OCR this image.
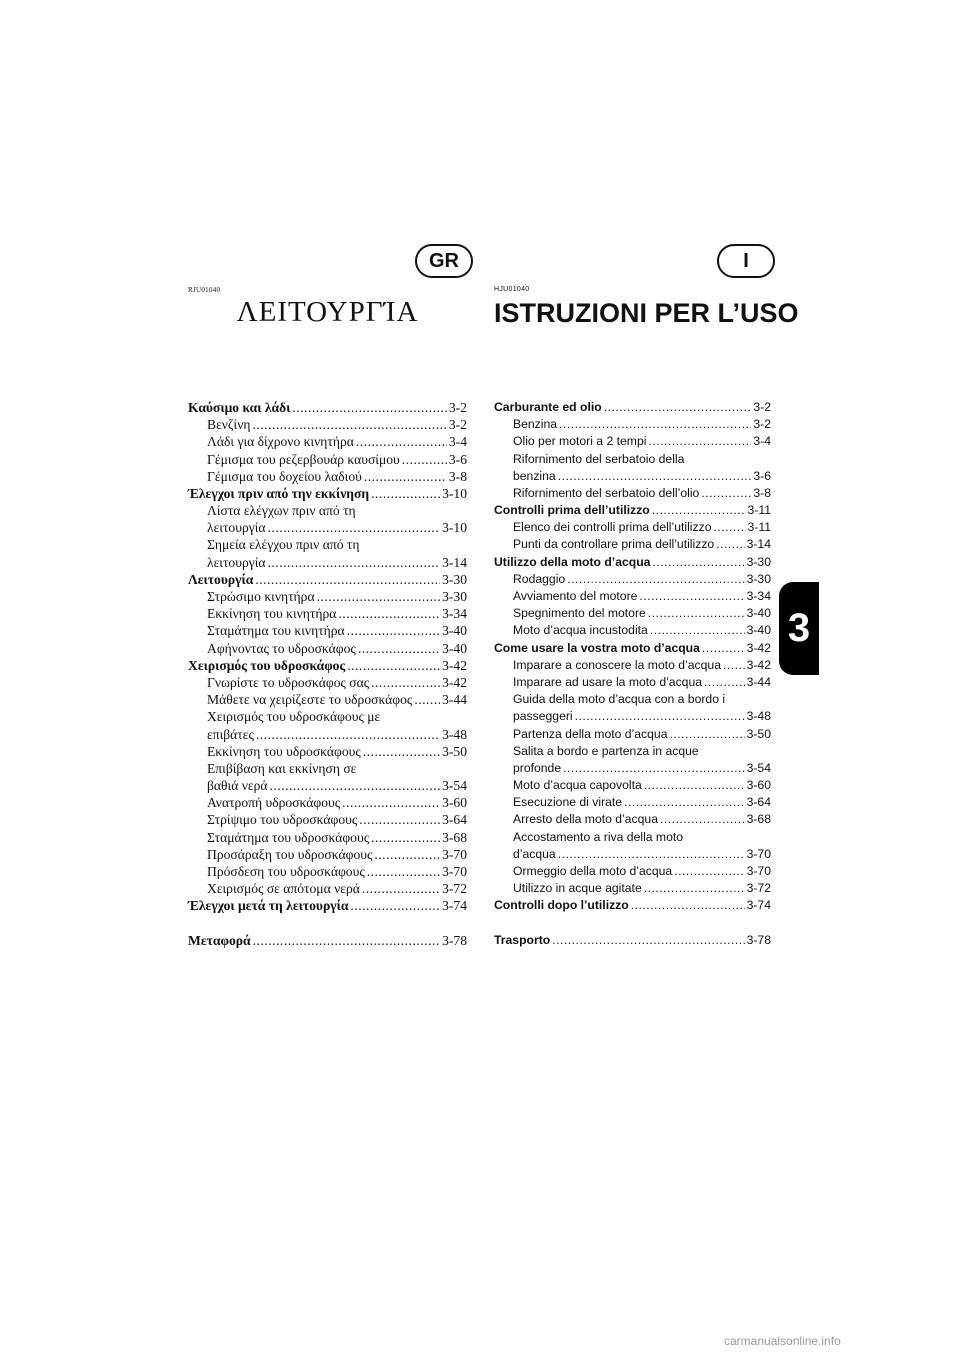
GR	I
RJU01040	HJU01040
ΛΕΙΤΟΥΡΓΊΑ	ISTRUZIONI PER L’USO
Καύσιμο και λάδι .....	3-2
Βενζίνη .....	3-2
Λάδι για δίχρονο κινητήρα .....	3-4
Γέμισμα του ρεζερβουάρ καυσίμου .....	3-6
Γέμισμα του δοχείου λαδιού .....	3-8
Έλεγχοι πριν από την εκκίνηση .....	3-10
Λίστα ελέγχων πριν από τη
λειτουργία .....	3-10
Σημεία ελέγχου πριν από τη
λειτουργία .....	3-14
Λειτουργία .....	3-30
Στρώσιμο κινητήρα .....	3-30
Εκκίνηση του κινητήρα .....	3-34
Σταμάτημα του κινητήρα .....	3-40
Αφήνοντας το υδροσκάφος .....	3-40
Χειρισμός του υδροσκάφος .....	3-42
Γνωρίστε το υδροσκάφος σας .....	3-42
Μάθετε να χειρίζεστε το υδροσκάφος ..... 3-44
Χειρισμός του υδροσκάφους με
επιβάτες .....	3-48
Εκκίνηση του υδροσκάφους .....	3-50
Επιβίβαση και εκκίνηση σε
βαθιά νερά .....	3-54
Ανατροπή υδροσκάφους .....	3-60
Στρίψιμο του υδροσκάφους .....	3-64
Σταμάτημα του υδροσκάφους .....	3-68
Προσάραξη του υδροσκάφους .....	3-70
Πρόσδεση του υδροσκάφους .....	3-70
Χειρισμός σε απότομα νερά .....	3-72
Έλεγχοι μετά τη λειτουργία .....	3-74
Μεταφορά .....	3-78
Carburante ed olio .....	3-2
Benzina .....	3-2
Olio per motori a 2 tempi .....	3-4
Rifornimento del serbatoio della
benzina .....	3-6
Rifornimento del serbatoio dell’olio .....	3-8
Controlli prima dell’utilizzo .....	3-11
Elenco dei controlli prima dell’utilizzo .....	3-11
Punti da controllare prima dell’utilizzo .....	3-14
Utilizzo della moto d’acqua .....	3-30
Rodaggio .....	3-30
Avviamento del motore .....	3-34
Spegnimento del motore .....	3-40
Moto d’acqua incustodita .....	3-40
Come usare la vostra moto d’acqua .....	3-42
Imparare a conoscere la moto d’acqua ..... 3-42
Imparare ad usare la moto d’acqua .....	3-44
Guida della moto d’acqua con a bordo i
passeggeri .....	3-48
Partenza della moto d’acqua .....	3-50
Salita a bordo e partenza in acque
profonde .....	3-54
Moto d’acqua capovolta .....	3-60
Esecuzione di virate .....	3-64
Arresto della moto d’acqua .....	3-68
Accostamento a riva della moto
d’acqua .....	3-70
Ormeggio della moto d’acqua .....	3-70
Utilizzo in acque agitate .....	3-72
Controlli dopo l’utilizzo .....	3-74
Trasporto .....	3-78
3
carmanualsonline.info
